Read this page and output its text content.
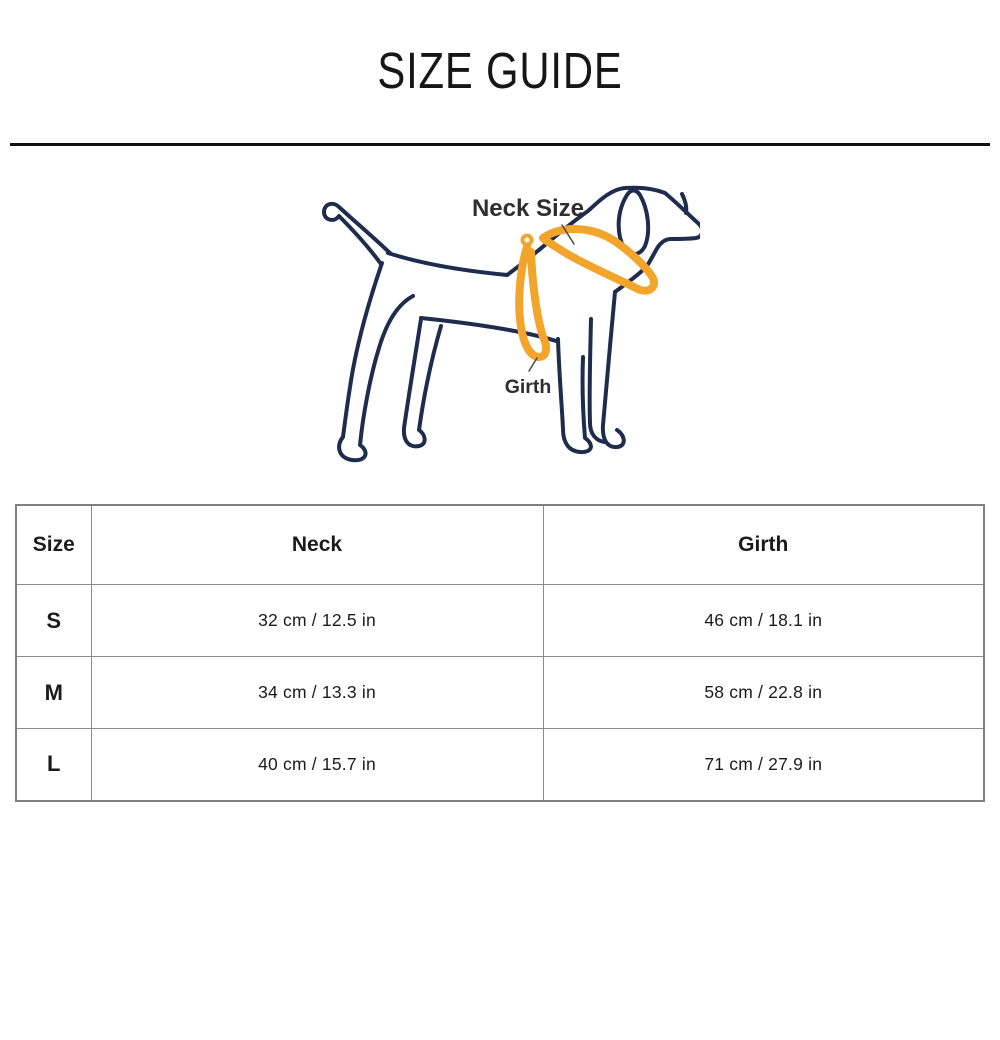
SIZE GUIDE
Neck Size
Girth
Size	Neck	Girth
S	32 cm / 12.5 in	46 cm / 18.1 in
M	34 cm / 13.3 in	58 cm / 22.8 in
L	40 cm / 15.7 in	71 cm / 27.9 in
